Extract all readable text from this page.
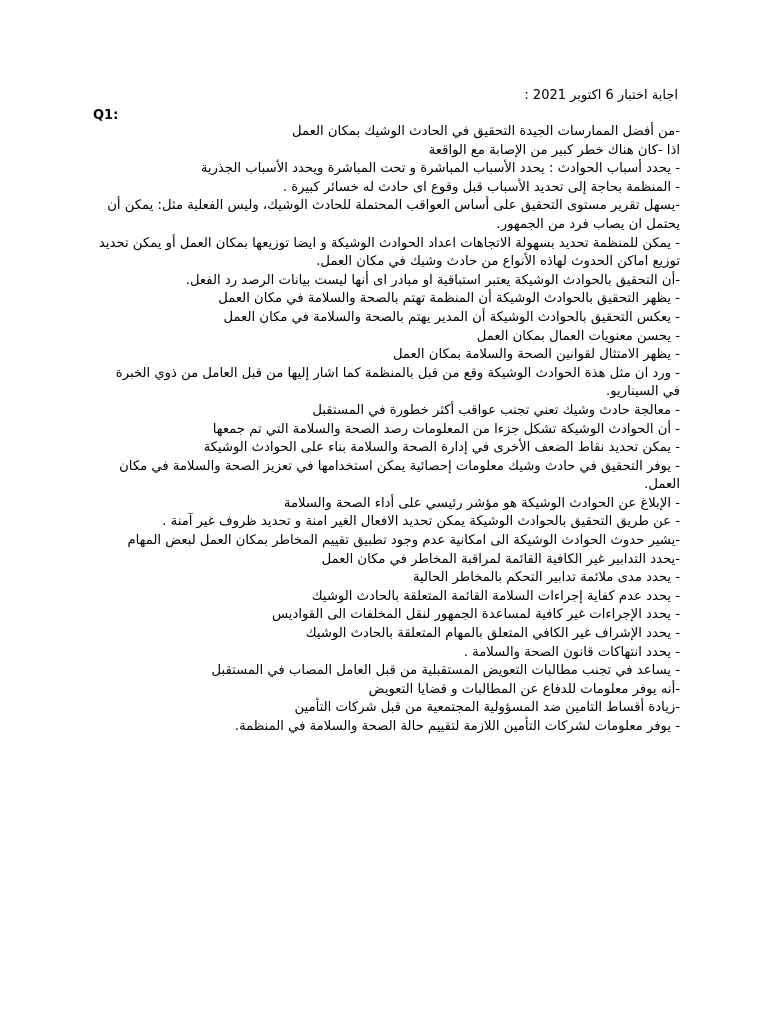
اجابة اختبار 6 اكتوبر 2021 :
Q1:

-من أفضل الممارسات الجيدة التحقيق في الحادث الوشيك بمكان العمل

اذا -كان هناك خطر كبير من الإصابة مع الواقعة

- يحدد أسباب الحوادث : يحدد الأسباب المباشرة و تحت المباشرة ويحدد الأسباب الجذرية

- المنظمة بحاجة إلى تحديد الأسباب قبل وقوع اى حادث له خسائر كبيرة .

-يسهل تقرير مستوى التحقيق على أساس العواقب المحتملة للحادث الوشيك، وليس الفعلية مثل: يمكن أن يحتمل ان يصاب فرد من الجمهور.

- يمكن للمنظمة تحديد بسهولة الاتجاهات اعداد الحوادث الوشيكة و ايضا توزيعها بمكان العمل أو يمكن تحديد توزيع اماكن الحدوث لهاذه الأنواع من حادث وشيك في مكان العمل.

-أن التحقيق بالحوادث الوشيكة يعتبر استباقية او مبادر اى أنها ليست بيانات الرصد رد الفعل.

- يظهر التحقيق بالحوادث الوشيكة أن المنظمة تهتم بالصحة والسلامة في مكان العمل

- يعكس التحقيق بالحوادث الوشيكة أن المدير يهتم بالصحة والسلامة في مكان العمل

- يحسن معنويات العمال بمكان العمل

- يظهر الامتثال لقوانين الصحة والسلامة بمكان العمل

- ورد ان مثل هذة الحوادث الوشيكة وقع من قبل بالمنظمة كما اشار إليها من قبل العامل من ذوي الخبرة في السيناريو.

- معالجة حادث وشيك تعني تجنب عواقب أكثر خطورة في المستقبل

- أن الحوادث الوشيكة تشكل جزءا من المعلومات رصد الصحة والسلامة التي تم جمعها

- يمكن تحديد نقاط الضعف الأخرى في إدارة الصحة والسلامة بناء على الحوادث الوشيكة

- يوفر التحقيق في حادث وشيك معلومات إحصائية يمكن استخدامها في تعزيز الصحة والسلامة في مكان العمل.

- الإبلاغ عن الحوادث الوشيكة هو مؤشر رئيسي على أداء الصحة والسلامة

- عن طريق التحقيق بالحوادث الوشيكة يمكن تحديد الافعال الغير امنة و تحديد ظروف غير آمنة .

-يشير حدوث الحوادث الوشيكة الى امكانية عدم وجود تطبيق تقييم المخاطر بمكان العمل لبعض المهام

-يحدد التدابير غير الكافية القائمة لمراقبة المخاطر في مكان العمل

- يحدد مدى ملائمة تدابير التحكم بالمخاطر الحالية

- يحدد عدم كفاية إجراءات السلامة القائمة المتعلقة بالحادث الوشيك

- يحدد الإجراءات غير كافية لمساعدة الجمهور لنقل المخلفات الى القواديس

- يحدد الإشراف غير الكافي المتعلق بالمهام المتعلقة بالحادث الوشيك

- يحدد انتهاكات قانون الصحة والسلامة .

- يساعد في تجنب مطالبات التعويض المستقبلية من قبل العامل المصاب في المستقبل

-أنه يوفر معلومات للدفاع عن المطالبات و قضايا التعويض

-زيادة أقساط التامين ضد المسؤولية المجتمعية من قبل شركات التأمين

- يوفر معلومات لشركات التأمين اللازمة لتقييم حالة الصحة والسلامة في المنظمة.
